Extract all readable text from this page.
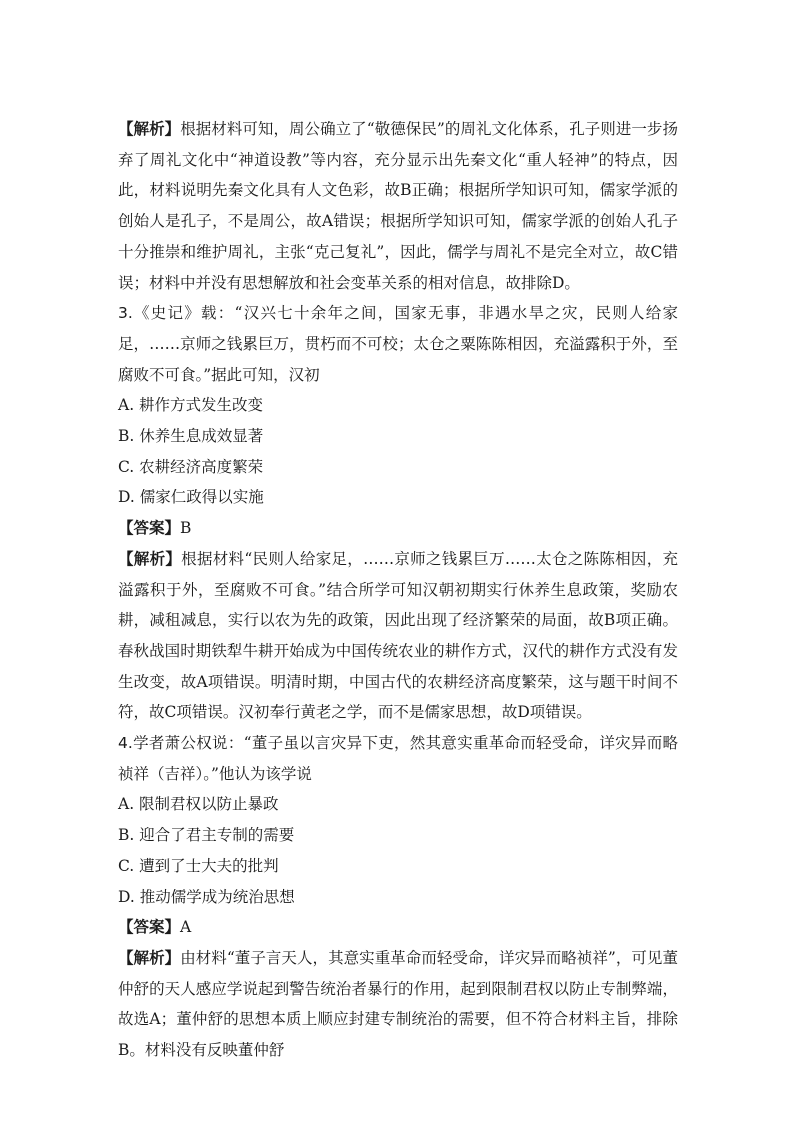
【解析】根据材料可知，周公确立了“敬德保民”的周礼文化体系，孔子则进一步扬弃了周礼文化中“神道设教”等内容，充分显示出先秦文化“重人轻神”的特点，因此，材料说明先秦文化具有人文色彩，故B正确；根据所学知识可知，儒家学派的创始人是孔子，不是周公，故A错误；根据所学知识可知，儒家学派的创始人孔子十分推崇和维护周礼，主张“克己复礼”，因此，儒学与周礼不是完全对立，故C错误；材料中并没有思想解放和社会变革关系的相对信息，故排除D。

3.《史记》载：“汉兴七十余年之间，国家无事，非遇水旱之灾，民则人给家足，……京师之钱累巨万，贯朽而不可校；太仓之粟陈陈相因，充溢露积于外，至腐败不可食。”据此可知，汉初

A. 耕作方式发生改变

B. 休养生息成效显著

C. 农耕经济高度繁荣

D. 儒家仁政得以实施

【答案】B

【解析】根据材料“民则人给家足，……京师之钱累巨万……太仓之陈陈相因，充溢露积于外，至腐败不可食。”结合所学可知汉朝初期实行休养生息政策，奖励农耕，减租减息，实行以农为先的政策，因此出现了经济繁荣的局面，故B项正确。春秋战国时期铁犁牛耕开始成为中国传统农业的耕作方式，汉代的耕作方式没有发生改变，故A项错误。明清时期，中国古代的农耕经济高度繁荣，这与题干时间不符，故C项错误。汉初奉行黄老之学，而不是儒家思想，故D项错误。

4.学者萧公权说：“董子虽以言灾异下吏，然其意实重革命而轻受命，详灾异而略祯祥（吉祥）。”他认为该学说

A. 限制君权以防止暴政

B. 迎合了君主专制的需要

C. 遭到了士大夫的批判

D. 推动儒学成为统治思想

【答案】A

【解析】由材料“董子言天人，其意实重革命而轻受命，详灾异而略祯祥”，可见董仲舒的天人感应学说起到警告统治者暴行的作用，起到限制君权以防止专制弊端，故选A；董仲舒的思想本质上顺应封建专制统治的需要，但不符合材料主旨，排除B。材料没有反映董仲舒
